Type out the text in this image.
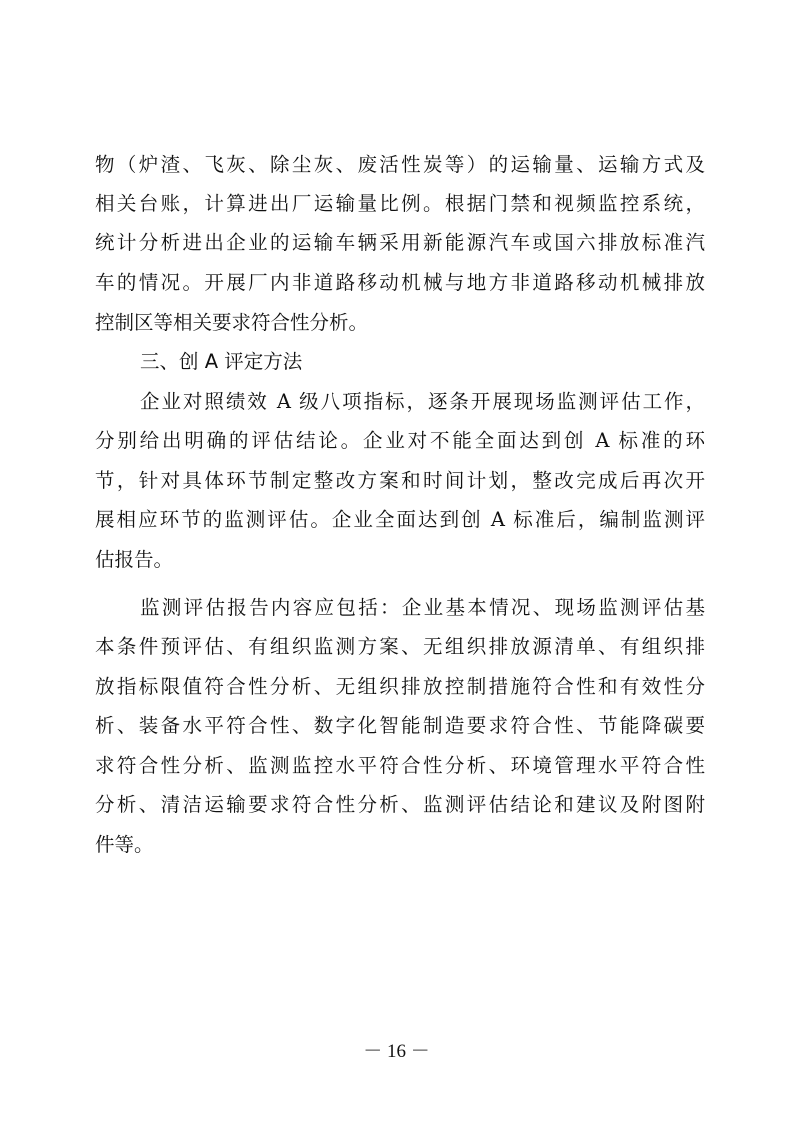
物（炉渣、飞灰、除尘灰、废活性炭等）的运输量、运输方式及
相关台账，计算进出厂运输量比例。根据门禁和视频监控系统，
统计分析进出企业的运输车辆采用新能源汽车或国六排放标准汽
车的情况。开展厂内非道路移动机械与地方非道路移动机械排放
控制区等相关要求符合性分析。
三、创 A 评定方法
企业对照绩效 A 级八项指标，逐条开展现场监测评估工作，
分别给出明确的评估结论。企业对不能全面达到创 A 标准的环
节，针对具体环节制定整改方案和时间计划，整改完成后再次开
展相应环节的监测评估。企业全面达到创 A 标准后，编制监测评
估报告。
监测评估报告内容应包括：企业基本情况、现场监测评估基
本条件预评估、有组织监测方案、无组织排放源清单、有组织排
放指标限值符合性分析、无组织排放控制措施符合性和有效性分
析、装备水平符合性、数字化智能制造要求符合性、节能降碳要
求符合性分析、监测监控水平符合性分析、环境管理水平符合性
分析、清洁运输要求符合性分析、监测评估结论和建议及附图附
件等。
－ 16 －
